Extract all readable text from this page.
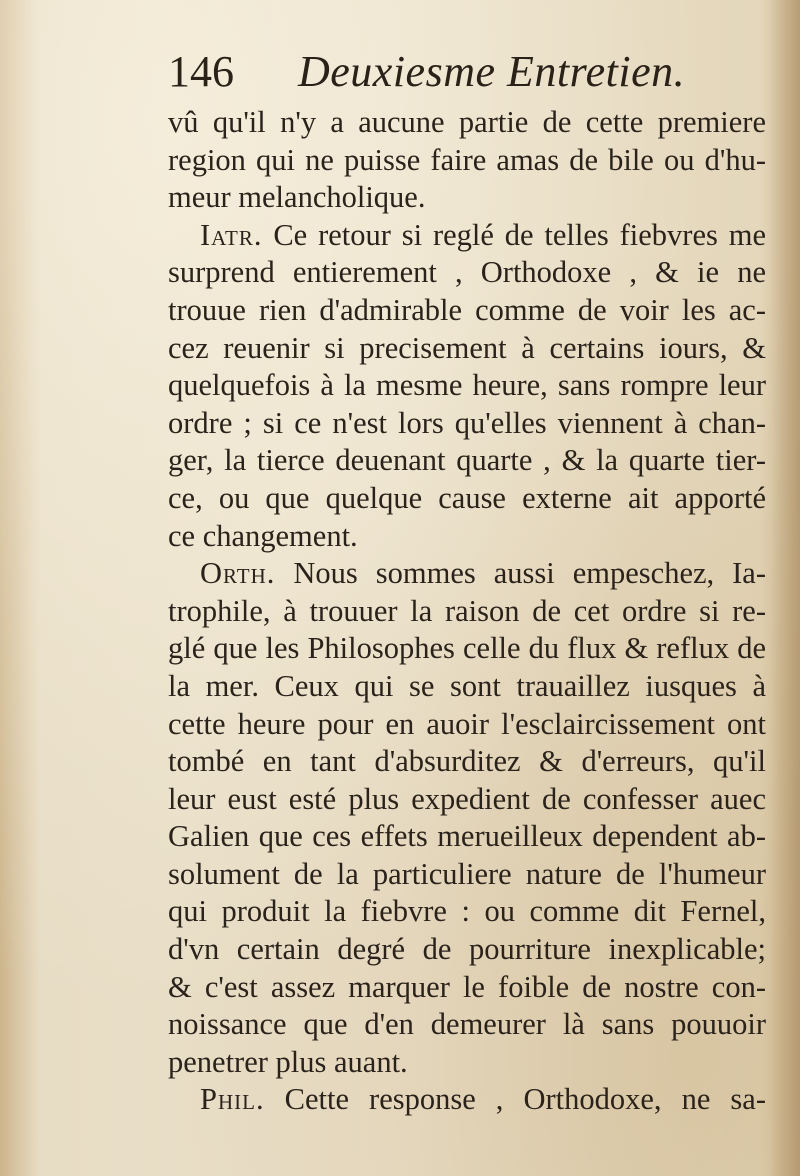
146 Deuxiesme Entretien.
vû qu'il n'y a aucune partie de cette premiere
region qui ne puisse faire amas de bile ou d'hu-
meur melancholique.
Iatr. Ce retour si reglé de telles fiebvres me
surprend entierement , Orthodoxe , & ie ne
trouue rien d'admirable comme de voir les ac-
cez reuenir si precisement à certains iours, &
quelquefois à la mesme heure, sans rompre leur
ordre ; si ce n'est lors qu'elles viennent à chan-
ger, la tierce deuenant quarte , & la quarte tier-
ce, ou que quelque cause externe ait apporté
ce changement.
Orth. Nous sommes aussi empeschez, Ia-
trophile, à trouuer la raison de cet ordre si re-
glé que les Philosophes celle du flux & reflux de
la mer. Ceux qui se sont trauaillez iusques à
cette heure pour en auoir l'esclaircissement ont
tombé en tant d'absurditez & d'erreurs, qu'il
leur eust esté plus expedient de confesser auec
Galien que ces effets merueilleux dependent ab-
solument de la particuliere nature de l'humeur
qui produit la fiebvre : ou comme dit Fernel,
d'vn certain degré de pourriture inexplicable;
& c'est assez marquer le foible de nostre con-
noissance que d'en demeurer là sans pouuoir
penetrer plus auant.
Phil. Cette response , Orthodoxe, ne sa-
